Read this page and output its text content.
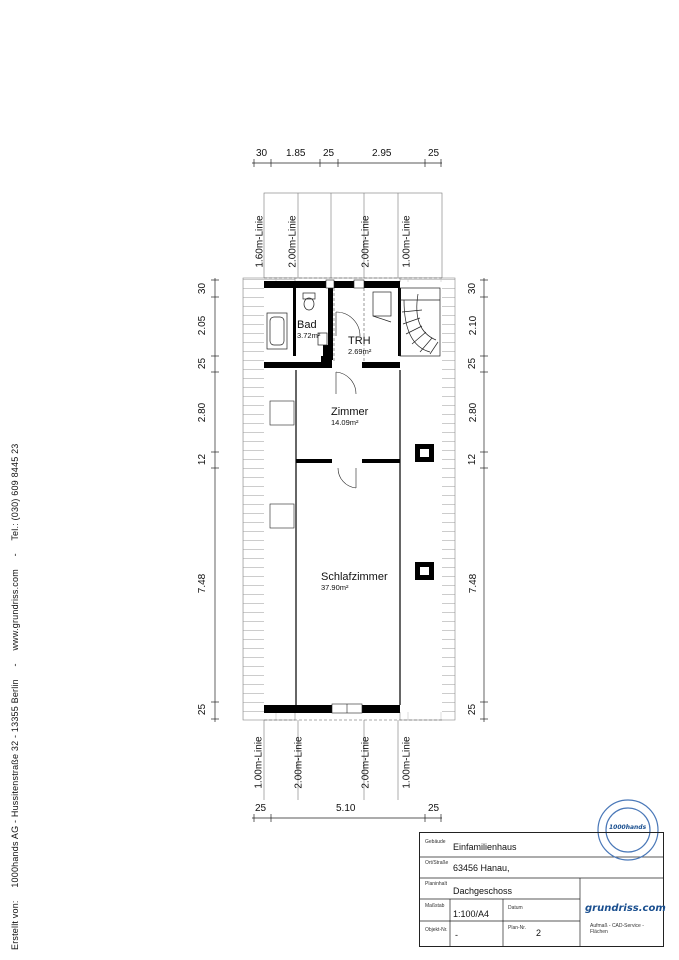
Erstellt von: 1000hands AG - Hussitenstraße 32 - 13355 Berlin - www.grundriss.com - Tel.: (030) 609 8445 23
30 1.85 25	2.95	25
25	5.10	25
30
2.05
25
2.80
12
7.48
25
30
2.10
25
2.80
12
7.48
25
1.60m-Linie 2.00m-Linie	2.00m-Linie	1.00m-Linie
1.00m-Linie	2.00m-Linie	2.00m-Linie	1.00m-Linie
Bad
3.72m²	TRH
2.69m²
Zimmer
14.09m²
Schlafzimmer
37.90m²
1000hands
Gebäude Einfamilienhaus
Ort/Straße 63456 Hanau,
Planinhalt
Dachgeschoss
Maßstab
1:100/A4
Datum
Objekt-Nr. -
Plan-Nr. 2
grundriss.com
Aufmaß - CAD-Service - Flächen
